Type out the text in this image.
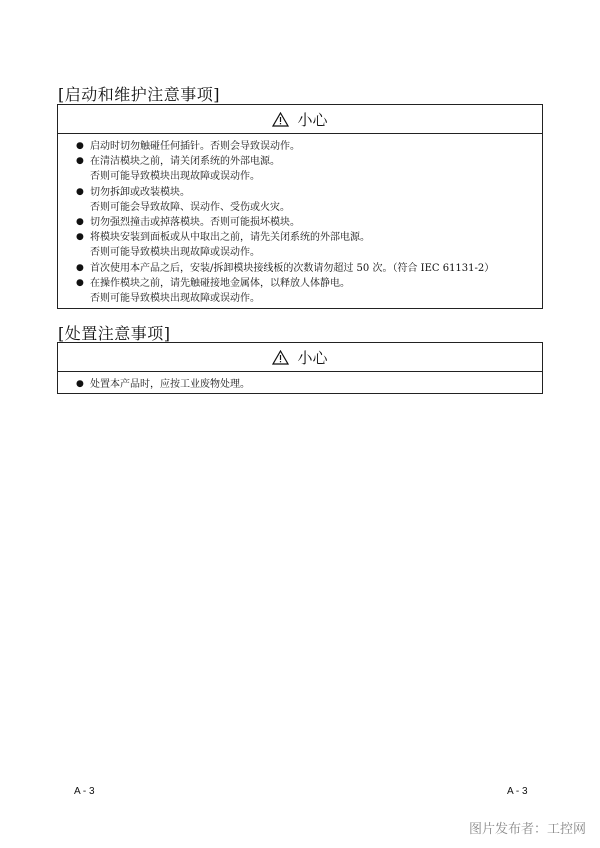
[启动和维护注意事项]
小心
● 启动时切勿触碰任何插针。否则会导致误动作。
● 在清洁模块之前，请关闭系统的外部电源。
否则可能导致模块出现故障或误动作。
● 切勿拆卸或改装模块。
否则可能会导致故障、误动作、受伤或火灾。
● 切勿强烈撞击或掉落模块。否则可能损坏模块。
● 将模块安装到面板或从中取出之前，请先关闭系统的外部电源。
否则可能导致模块出现故障或误动作。
● 首次使用本产品之后，安装/拆卸模块接线板的次数请勿超过 50 次。（符合 IEC 61131-2）
● 在操作模块之前，请先触碰接地金属体，以释放人体静电。
否则可能导致模块出现故障或误动作。
[处置注意事项]
小心
● 处置本产品时，应按工业废物处理。
A - 3	A - 3
图片发布者：工控网
